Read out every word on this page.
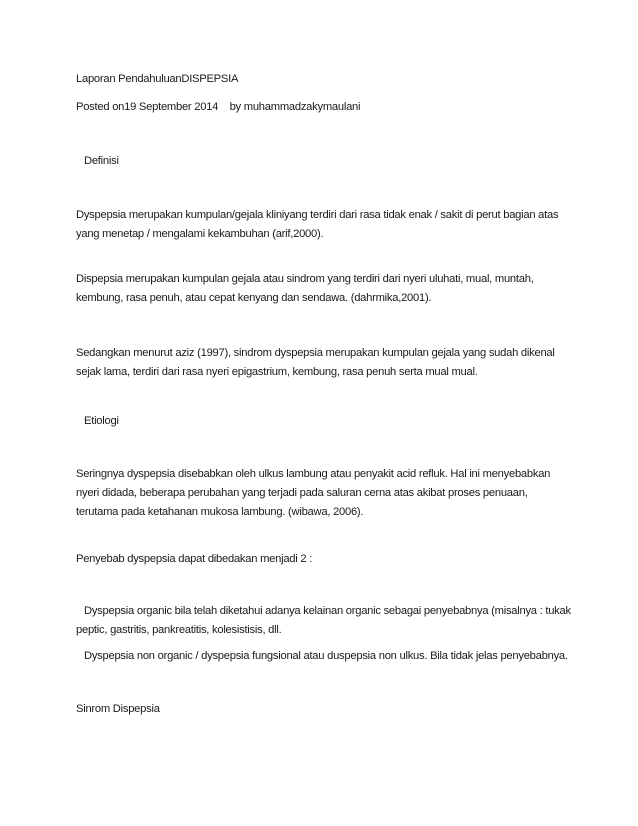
Laporan PendahuluanDISPEPSIA
Posted on19 September 2014    by muhammadzakymaulani
Definisi
Dyspepsia merupakan kumpulan/gejala kliniyang terdiri dari rasa tidak enak / sakit di perut bagian atas
yang menetap / mengalami kekambuhan (arif,2000).
Dispepsia merupakan kumpulan gejala atau sindrom yang terdiri dari nyeri uluhati, mual, muntah,
kembung, rasa penuh, atau cepat kenyang dan sendawa. (dahrmika,2001).
Sedangkan menurut aziz (1997), sindrom dyspepsia merupakan kumpulan gejala yang sudah dikenal
sejak lama, terdiri dari rasa nyeri epigastrium, kembung, rasa penuh serta mual mual.
Etiologi
Seringnya dyspepsia disebabkan oleh ulkus lambung atau penyakit acid refluk. Hal ini menyebabkan
nyeri didada, beberapa perubahan yang terjadi pada saluran cerna atas akibat proses penuaan,
terutama pada ketahanan mukosa lambung. (wibawa, 2006).
Penyebab dyspepsia dapat dibedakan menjadi 2 :
Dyspepsia organic bila telah diketahui adanya kelainan organic sebagai penyebabnya (misalnya : tukak
peptic, gastritis, pankreatitis, kolesistisis, dll.
Dyspepsia non organic / dyspepsia fungsional atau duspepsia non ulkus. Bila tidak jelas penyebabnya.
Sinrom Dispepsia
